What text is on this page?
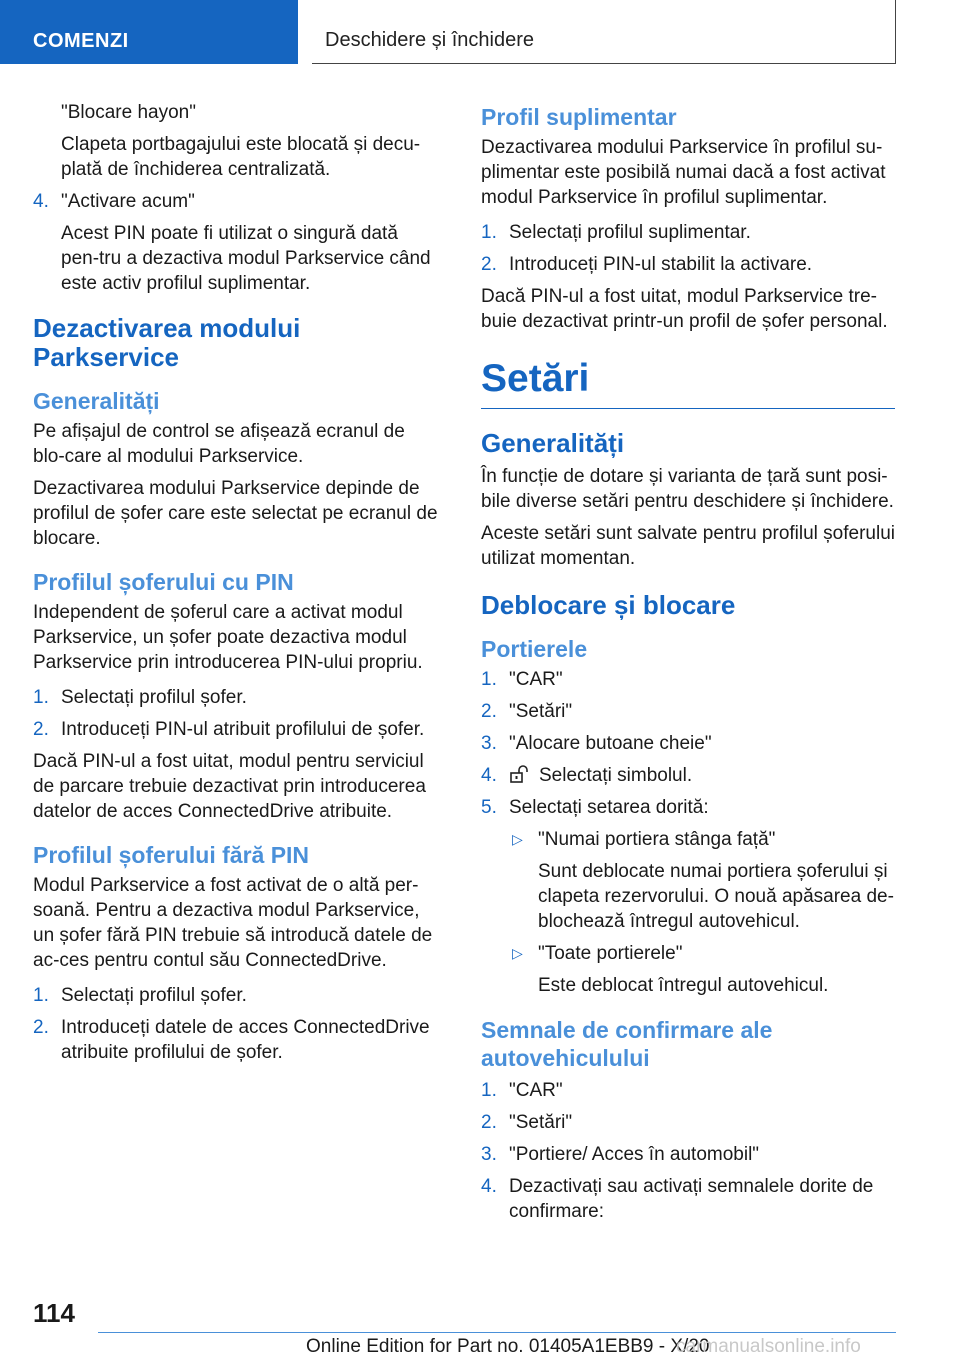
COMENZI	Deschidere și închidere
"Blocare hayon"
Clapeta portbagajului este blocată și decu-plată de închiderea centralizată.
4. "Activare acum"
Acest PIN poate fi utilizat o singură dată pen-tru a dezactiva modul Parkservice când este activ profilul suplimentar.
Dezactivarea modului Parkservice
Generalități
Pe afișajul de control se afișează ecranul de blo-care al modului Parkservice.
Dezactivarea modului Parkservice depinde de profilul de șofer care este selectat pe ecranul de blocare.
Profilul șoferului cu PIN
Independent de șoferul care a activat modul Parkservice, un șofer poate dezactiva modul Parkservice prin introducerea PIN-ului propriu.
1. Selectați profilul șofer.
2. Introduceți PIN-ul atribuit profilului de șofer.
Dacă PIN-ul a fost uitat, modul pentru serviciul de parcare trebuie dezactivat prin introducerea datelor de acces ConnectedDrive atribuite.
Profilul șoferului fără PIN
Modul Parkservice a fost activat de o altă per-soană. Pentru a dezactiva modul Parkservice, un șofer fără PIN trebuie să introducă datele de ac-ces pentru contul său ConnectedDrive.
1. Selectați profilul șofer.
2. Introduceți datele de acces ConnectedDrive atribuite profilului de șofer.
Profil suplimentar
Dezactivarea modului Parkservice în profilul su-plimentar este posibilă numai dacă a fost activat modul Parkservice în profilul suplimentar.
1. Selectați profilul suplimentar.
2. Introduceți PIN-ul stabilit la activare.
Dacă PIN-ul a fost uitat, modul Parkservice tre-buie dezactivat printr-un profil de șofer personal.
Setări
Generalități
În funcție de dotare și varianta de țară sunt posi-bile diverse setări pentru deschidere și închidere.
Aceste setări sunt salvate pentru profilul șoferului utilizat momentan.
Deblocare și blocare
Portierele
1. "CAR"
2. "Setări"
3. "Alocare butoane cheie"
4.	Selectați simbolul.
5. Selectați setarea dorită:
▷ "Numai portiera stânga față"
Sunt deblocate numai portiera șoferului și clapeta rezervorului. O nouă apăsarea de-blochează întregul autovehicul.
▷ "Toate portierele"
Este deblocat întregul autovehicul.
Semnale de confirmare ale autovehiculului
1. "CAR"
2. "Setări"
3. "Portiere/ Acces în automobil"
4. Dezactivați sau activați semnalele dorite de confirmare:
114
Online Edition for Part no. 01405A1EBB9 - X/20
carmanualsonline.info
